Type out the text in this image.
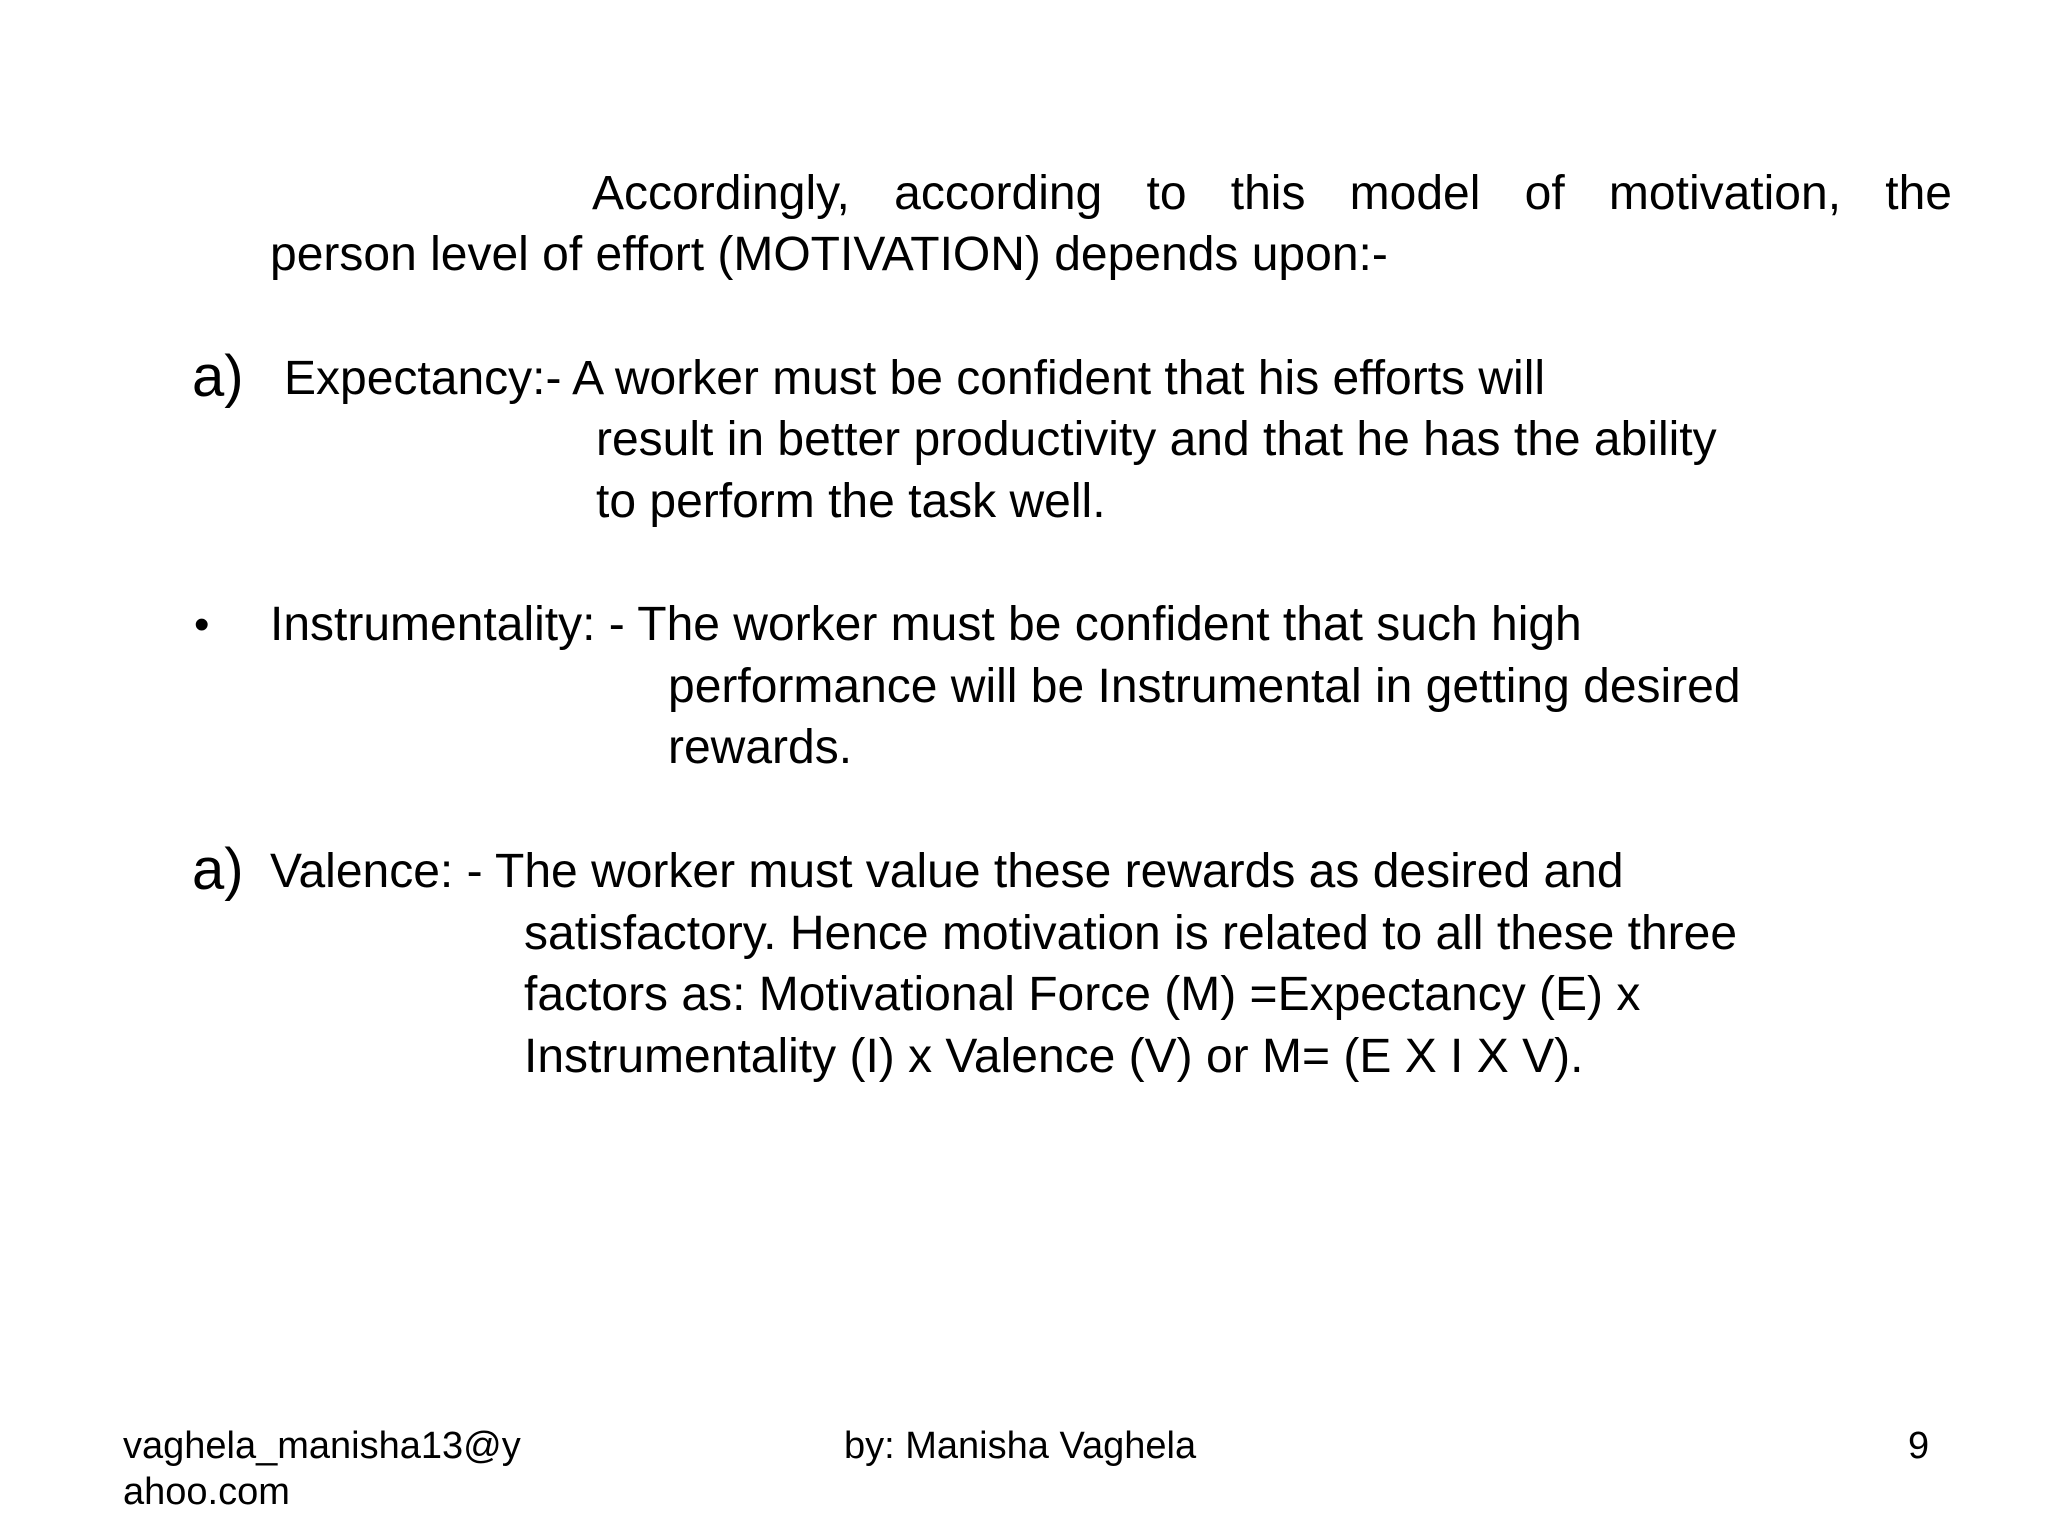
Accordingly, according to this model of motivation, the
person level of effort (MOTIVATION) depends upon:-
a) Expectancy:- A worker must be confident that his efforts will
result in better productivity and that he has the ability
to perform the task well.
• Instrumentality: - The worker must be confident that such high
performance will be Instrumental in getting desired
rewards.
a) Valence: - The worker must value these rewards as desired and
satisfactory. Hence motivation is related to all these three
factors as: Motivational Force (M) =Expectancy (E) x
Instrumentality (I) x Valence (V) or M= (E X I X V).
vaghela_manisha13@y
ahoo.com
by: Manisha Vaghela	9
